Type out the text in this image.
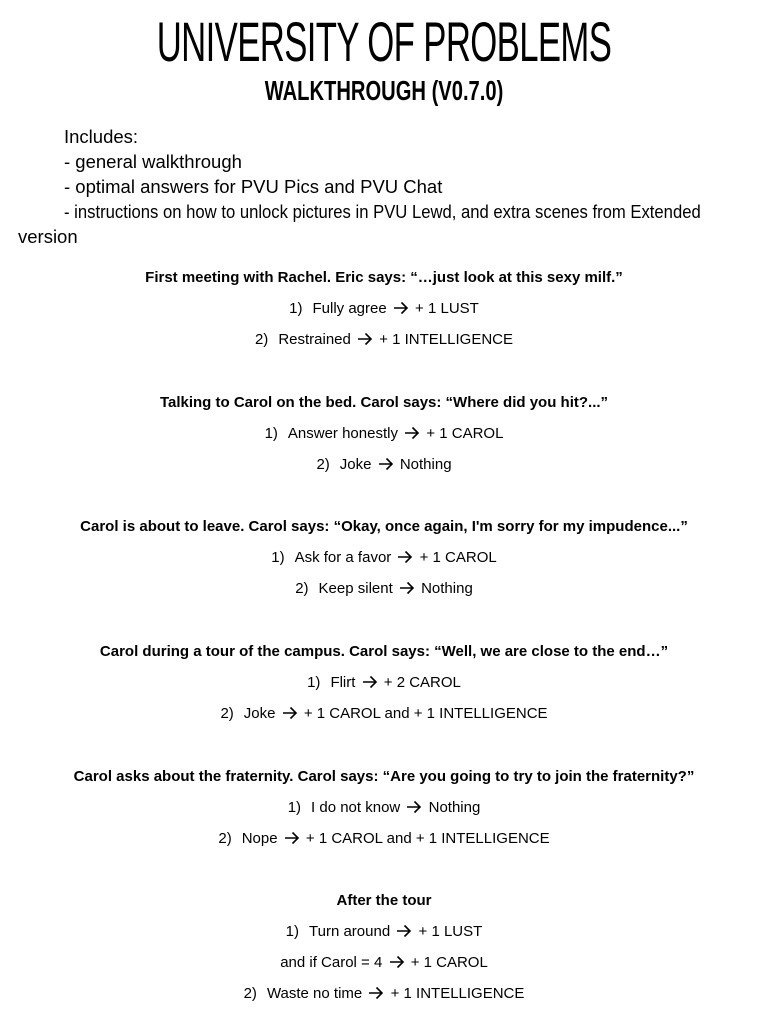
UNIVERSITY OF PROBLEMS
WALKTHROUGH (V0.7.0)
Includes:
- general walkthrough
- optimal answers for PVU Pics and PVU Chat
- instructions on how to unlock pictures in PVU Lewd, and extra scenes from Extended
version
First meeting with Rachel. Eric says: “…just look at this sexy milf.”
1) Fully agree + 1 LUST
2) Restrained + 1 INTELLIGENCE
Talking to Carol on the bed. Carol says: “Where did you hit?...”
1) Answer honestly + 1 CAROL
2) Joke Nothing
Carol is about to leave. Carol says: “Okay, once again, I'm sorry for my impudence...”
1) Ask for a favor + 1 CAROL
2) Keep silent Nothing
Carol during a tour of the campus. Carol says: “Well, we are close to the end…”
1) Flirt + 2 CAROL
2) Joke + 1 CAROL and + 1 INTELLIGENCE
Carol asks about the fraternity. Carol says: “Are you going to try to join the fraternity?”
1) I do not know Nothing
2) Nope + 1 CAROL and + 1 INTELLIGENCE
After the tour
1) Turn around + 1 LUST
and if Carol = 4 + 1 CAROL
2) Waste no time + 1 INTELLIGENCE
